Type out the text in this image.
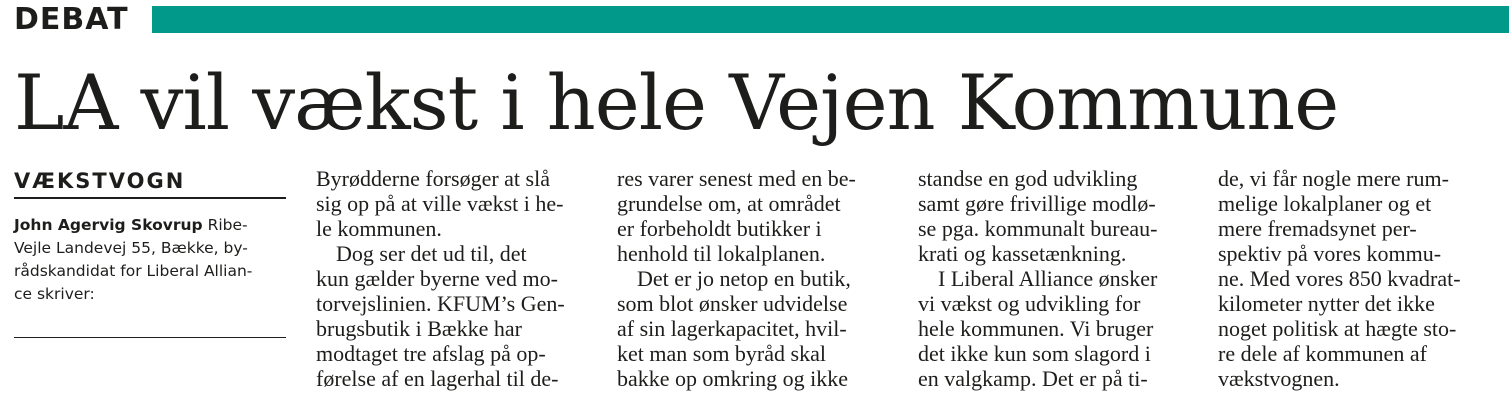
DEBAT
LA vil vækst i hele Vejen Kommune
VÆKSTVOGN
John Agervig Skovrup Ribe-
Vejle Landevej 55, Bække, by-
rådskandidat for Liberal Allian-
ce skriver:
Byrødderne forsøger at slå
sig op på at ville vækst i he-
le kommunen.
Dog ser det ud til, det
kun gælder byerne ved mo-
torvejslinien. KFUM’s Gen-
brugsbutik i Bække har
modtaget tre afslag på op-
førelse af en lagerhal til de-
res varer senest med en be-
grundelse om, at området
er forbeholdt butikker i
henhold til lokalplanen.
Det er jo netop en butik,
som blot ønsker udvidelse
af sin lagerkapacitet, hvil-
ket man som byråd skal
bakke op omkring og ikke
standse en god udvikling
samt gøre frivillige modlø-
se pga. kommunalt bureau-
krati og kassetænkning.
I Liberal Alliance ønsker
vi vækst og udvikling for
hele kommunen. Vi bruger
det ikke kun som slagord i
en valgkamp. Det er på ti-
de, vi får nogle mere rum-
melige lokalplaner og et
mere fremadsynet per-
spektiv på vores kommu-
ne. Med vores 850 kvadrat-
kilometer nytter det ikke
noget politisk at hægte sto-
re dele af kommunen af
vækstvognen.
